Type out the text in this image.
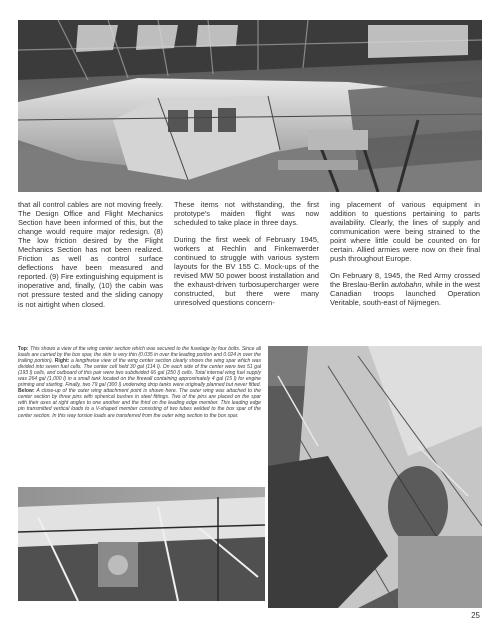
that all control cables are not moving freely. The Design Office and Flight Mechanics Section have been informed of this, but the change would require major redesign. (8) The low friction desired by the Flight Mechanics Section has not been realized. Friction as well as control surface deflections have been measured and reported. (9) Fire extinguishing equipment is inoperative and, finally, (10) the cabin was not pressure tested and the sliding canopy is not airtight when closed.

These items not withstanding, the first prototype's maiden flight was now scheduled to take place in three days.

During the first week of February 1945, workers at Rechlin and Finkenwerder continued to struggle with various system layouts for the BV 155 C. Mock-ups of the revised MW 50 power boost installation and the exhaust-driven turbosupercharger were constructed, but there were many unresolved questions concern-

ing placement of various equipment in addition to questions pertaining to parts availability. Clearly, the lines of supply and communication were being strained to the point where little could be counted on for certain. Allied armies were now on their final push throughout Europe.

On February 8, 1945, the Red Army crossed the Breslau-Berlin autobahn, while in the west Canadian troops launched Operation Veritable, south-east of Nijmegen.

Top: This shows a view of the wing center section which was secured to the fuselage by four bolts. Since all loads are carried by the box spar, the skin is very thin (0.035 in over the leading portion and 0.024 in over the trailing portion). Right: a lengthwise view of the wing center section clearly shows the wing spar which was divided into seven fuel cells. The center cell held 30 gal (114 l). On each side of the center were two 51 gal (193 l) cells, and outboard of this pair were two subdivided 66 gal (250 l) cells. Total internal wing fuel supply was 264 gal (1,000 l) in a small tank located on the firewall containing approximately 4 gal (15 l) for engine priming and starting. Finally, two 79 gal (300 l) underwing drop tanks were originally planned but never fitted. Below: A close-up of the outer wing attachment point is shown here. The outer wing was attached to the center section by three pins with spherical bushes in steel fittings. Two of the pins are placed on the spar with their axes at right angles to one another and the third on the leading edge member. This leading edge pin transmitted vertical loads to a V-shaped member consisting of two tubes welded to the box spar of the center section. In this way torsion loads are transferred from the outer wing section to the box spar.
25
